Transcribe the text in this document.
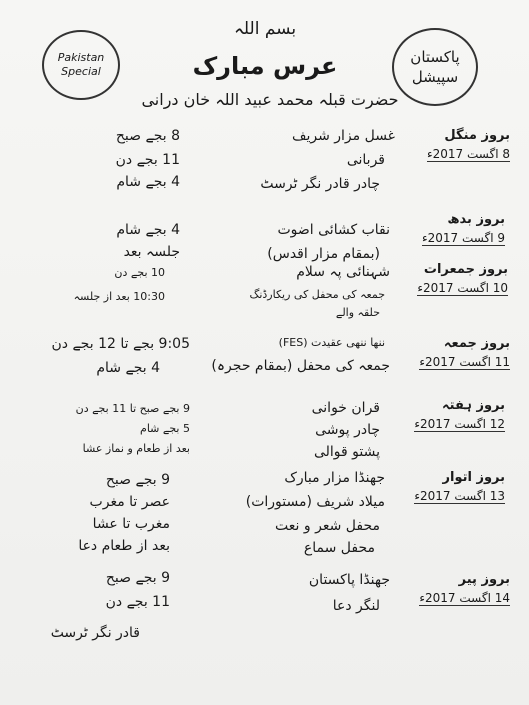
Pakistan Special
پاکستان سپیشل
بسم اللہ
عرس مبارک
حضرت قبلہ محمد عبید اللہ خان درانی
بروز منگل
8 اگست 2017ء
غسل مزار شریف
قربانی
چادر قادر نگر ٹرسٹ
8 بجے صبح
11 بجے دن
4 بجے شام
بروز بدھ
9 اگست 2017ء
نقاب کشائی اضوت
(بمقام مزار اقدس)
4 بجے شام
جلسہ بعد
بروز جمعرات
10 اگست 2017ء
شہنائی پہ سلام
جمعہ کی محفل کی ریکارڈنگ
حلقہ والے
10 بجے دن
10:30 بعد از جلسہ
بروز جمعہ
11 اگست 2017ء
ننھا ننھی عقیدت (FES)
جمعہ کی محفل (بمقام حجرہ)
9:05 بجے تا 12 بجے دن
4 بجے شام
بروز ہفتہ
12 اگست 2017ء
قران خوانی
چادر پوشی
پشتو قوالی
9 بجے صبح تا 11 بجے دن
5 بجے شام
بعد از طعام و نماز عشا
بروز اتوار
13 اگست 2017ء
جھنڈا مزار مبارک
میلاد شریف (مستورات)
محفل شعر و نعت
محفل سماع
9 بجے صبح
عصر تا مغرب
مغرب تا عشا
بعد از طعام دعا
بروز پیر
14 اگست 2017ء
جھنڈا پاکستان
لنگر دعا
9 بجے صبح
11 بجے دن
قادر نگر ٹرسٹ
